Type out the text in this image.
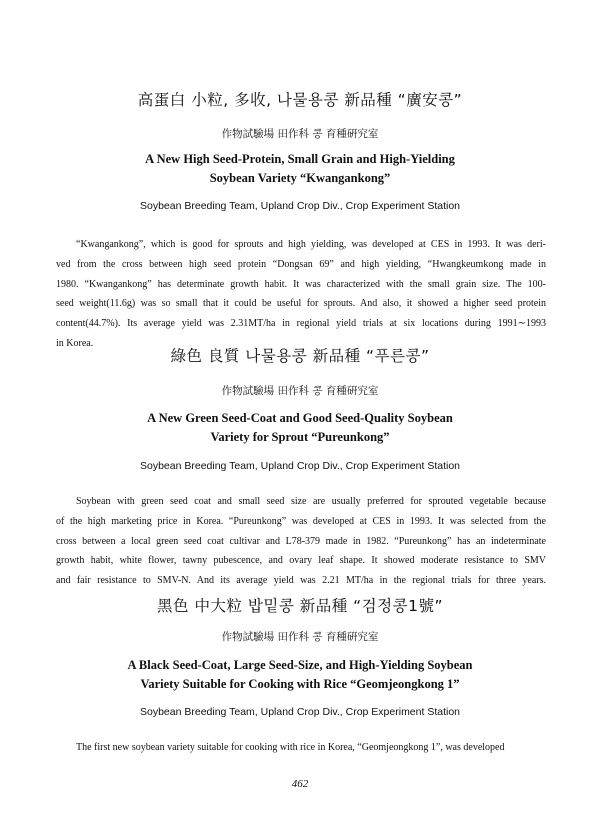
高蛋白 小粒, 多收, 나물용콩 新品種 “廣安콩”
作物試驗場 田作科 콩 育種硏究室
A New High Seed-Protein, Small Grain and High-Yielding
Soybean Variety “Kwangankong”
Soybean Breeding Team, Upland Crop Div., Crop Experiment Station
“Kwangankong”, which is good for sprouts and high yielding, was developed at CES in 1993. It was deri-
ved from the cross between high seed protein “Dongsan 69” and high yielding, “Hwangkeumkong made in
1980. “Kwangankong” has determinate growth habit. It was characterized with the small grain size. The 100-
seed weight(11.6g) was so small that it could be useful for sprouts. And also, it showed a higher seed protein
content(44.7%). Its average yield was 2.31MT/ha in regional yield trials at six locations during 1991∼1993
in Korea.
綠色 良質 나물용콩 新品種 “푸른콩”
作物試驗場 田作科 콩 育種硏究室
A New Green Seed-Coat and Good Seed-Quality Soybean
Variety for Sprout “Pureunkong”
Soybean Breeding Team, Upland Crop Div., Crop Experiment Station
Soybean with green seed coat and small seed size are usually preferred for sprouted vegetable because
of the high marketing price in Korea. “Pureunkong” was developed at CES in 1993. It was selected from the
cross between a local green seed coat cultivar and L78-379 made in 1982. “Pureunkong” has an indeterminate
growth habit, white flower, tawny pubescence, and ovary leaf shape. It showed moderate resistance to SMV
and fair resistance to SMV-N. And its average yield was 2.21 MT/ha in the regional trials for three years.
黑色 中大粒 밥밑콩 新品種 “검정콩1號”
作物試驗場 田作科 콩 育種硏究室
A Black Seed-Coat, Large Seed-Size, and High-Yielding Soybean
Variety Suitable for Cooking with Rice “Geomjeongkong 1”
Soybean Breeding Team, Upland Crop Div., Crop Experiment Station
The first new soybean variety suitable for cooking with rice in Korea, “Geomjeongkong 1”, was developed
462
